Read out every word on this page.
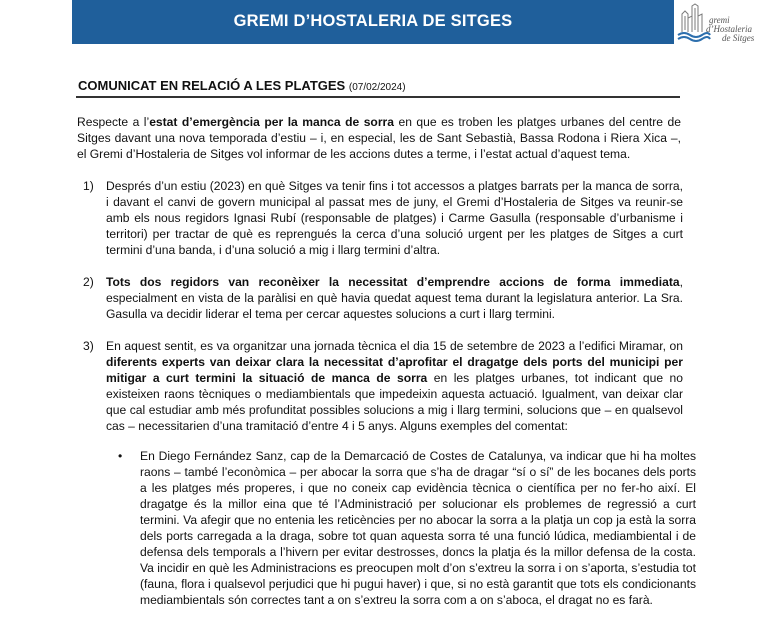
GREMI D’HOSTALERIA DE SITGES	gremi
d’Hostaleria
de Sitges
COMUNICAT EN RELACIÓ A LES PLATGES (07/02/2024)

Respecte a l’estat d’emergència per la manca de sorra en que es troben les platges urbanes del centre de Sitges davant una nova temporada d’estiu – i, en especial, les de Sant Sebastià, Bassa Rodona i Riera Xica –, el Gremi d’Hostaleria de Sitges vol informar de les accions dutes a terme, i l’estat actual d’aquest tema.

1) Després d’un estiu (2023) en què Sitges va tenir fins i tot accessos a platges barrats per la manca de sorra, i davant el canvi de govern municipal al passat mes de juny, el Gremi d’Hostaleria de Sitges va reunir-se amb els nous regidors Ignasi Rubí (responsable de platges) i Carme Gasulla (responsable d’urbanisme i territori) per tractar de què es reprengués la cerca d’una solució urgent per les platges de Sitges a curt termini d’una banda, i d’una solució a mig i llarg termini d’altra.

2) Tots dos regidors van reconèixer la necessitat d’emprendre accions de forma immediata, especialment en vista de la paràlisi en què havia quedat aquest tema durant la legislatura anterior. La Sra. Gasulla va decidir liderar el tema per cercar aquestes solucions a curt i llarg termini.

3) En aquest sentit, es va organitzar una jornada tècnica el dia 15 de setembre de 2023 a l’edifici Miramar, on diferents experts van deixar clara la necessitat d’aprofitar el dragatge dels ports del municipi per mitigar a curt termini la situació de manca de sorra en les platges urbanes, tot indicant que no existeixen raons tècniques o mediambientals que impedeixin aquesta actuació. Igualment, van deixar clar que cal estudiar amb més profunditat possibles solucions a mig i llarg termini, solucions que – en qualsevol cas – necessitarien d’una tramitació d’entre 4 i 5 anys. Alguns exemples del comentat:

• En Diego Fernández Sanz, cap de la Demarcació de Costes de Catalunya, va indicar que hi ha moltes raons – també l’econòmica – per abocar la sorra que s’ha de dragar “sí o sí” de les bocanes dels ports a les platges més properes, i que no coneix cap evidència tècnica o científica per no fer-ho així. El dragatge és la millor eina que té l’Administració per solucionar els problemes de regressió a curt termini. Va afegir que no entenia les reticències per no abocar la sorra a la platja un cop ja està la sorra dels ports carregada a la draga, sobre tot quan aquesta sorra té una funció lúdica, mediambiental i de defensa dels temporals a l’hivern per evitar destrosses, doncs la platja és la millor defensa de la costa. Va incidir en què les Administracions es preocupen molt d’on s’extreu la sorra i on s’aporta, s’estudia tot (fauna, flora i qualsevol perjudici que hi pugui haver) i que, si no està garantit que tots els condicionants mediambientals són correctes tant a on s’extreu la sorra com a on s’aboca, el dragat no es farà.
